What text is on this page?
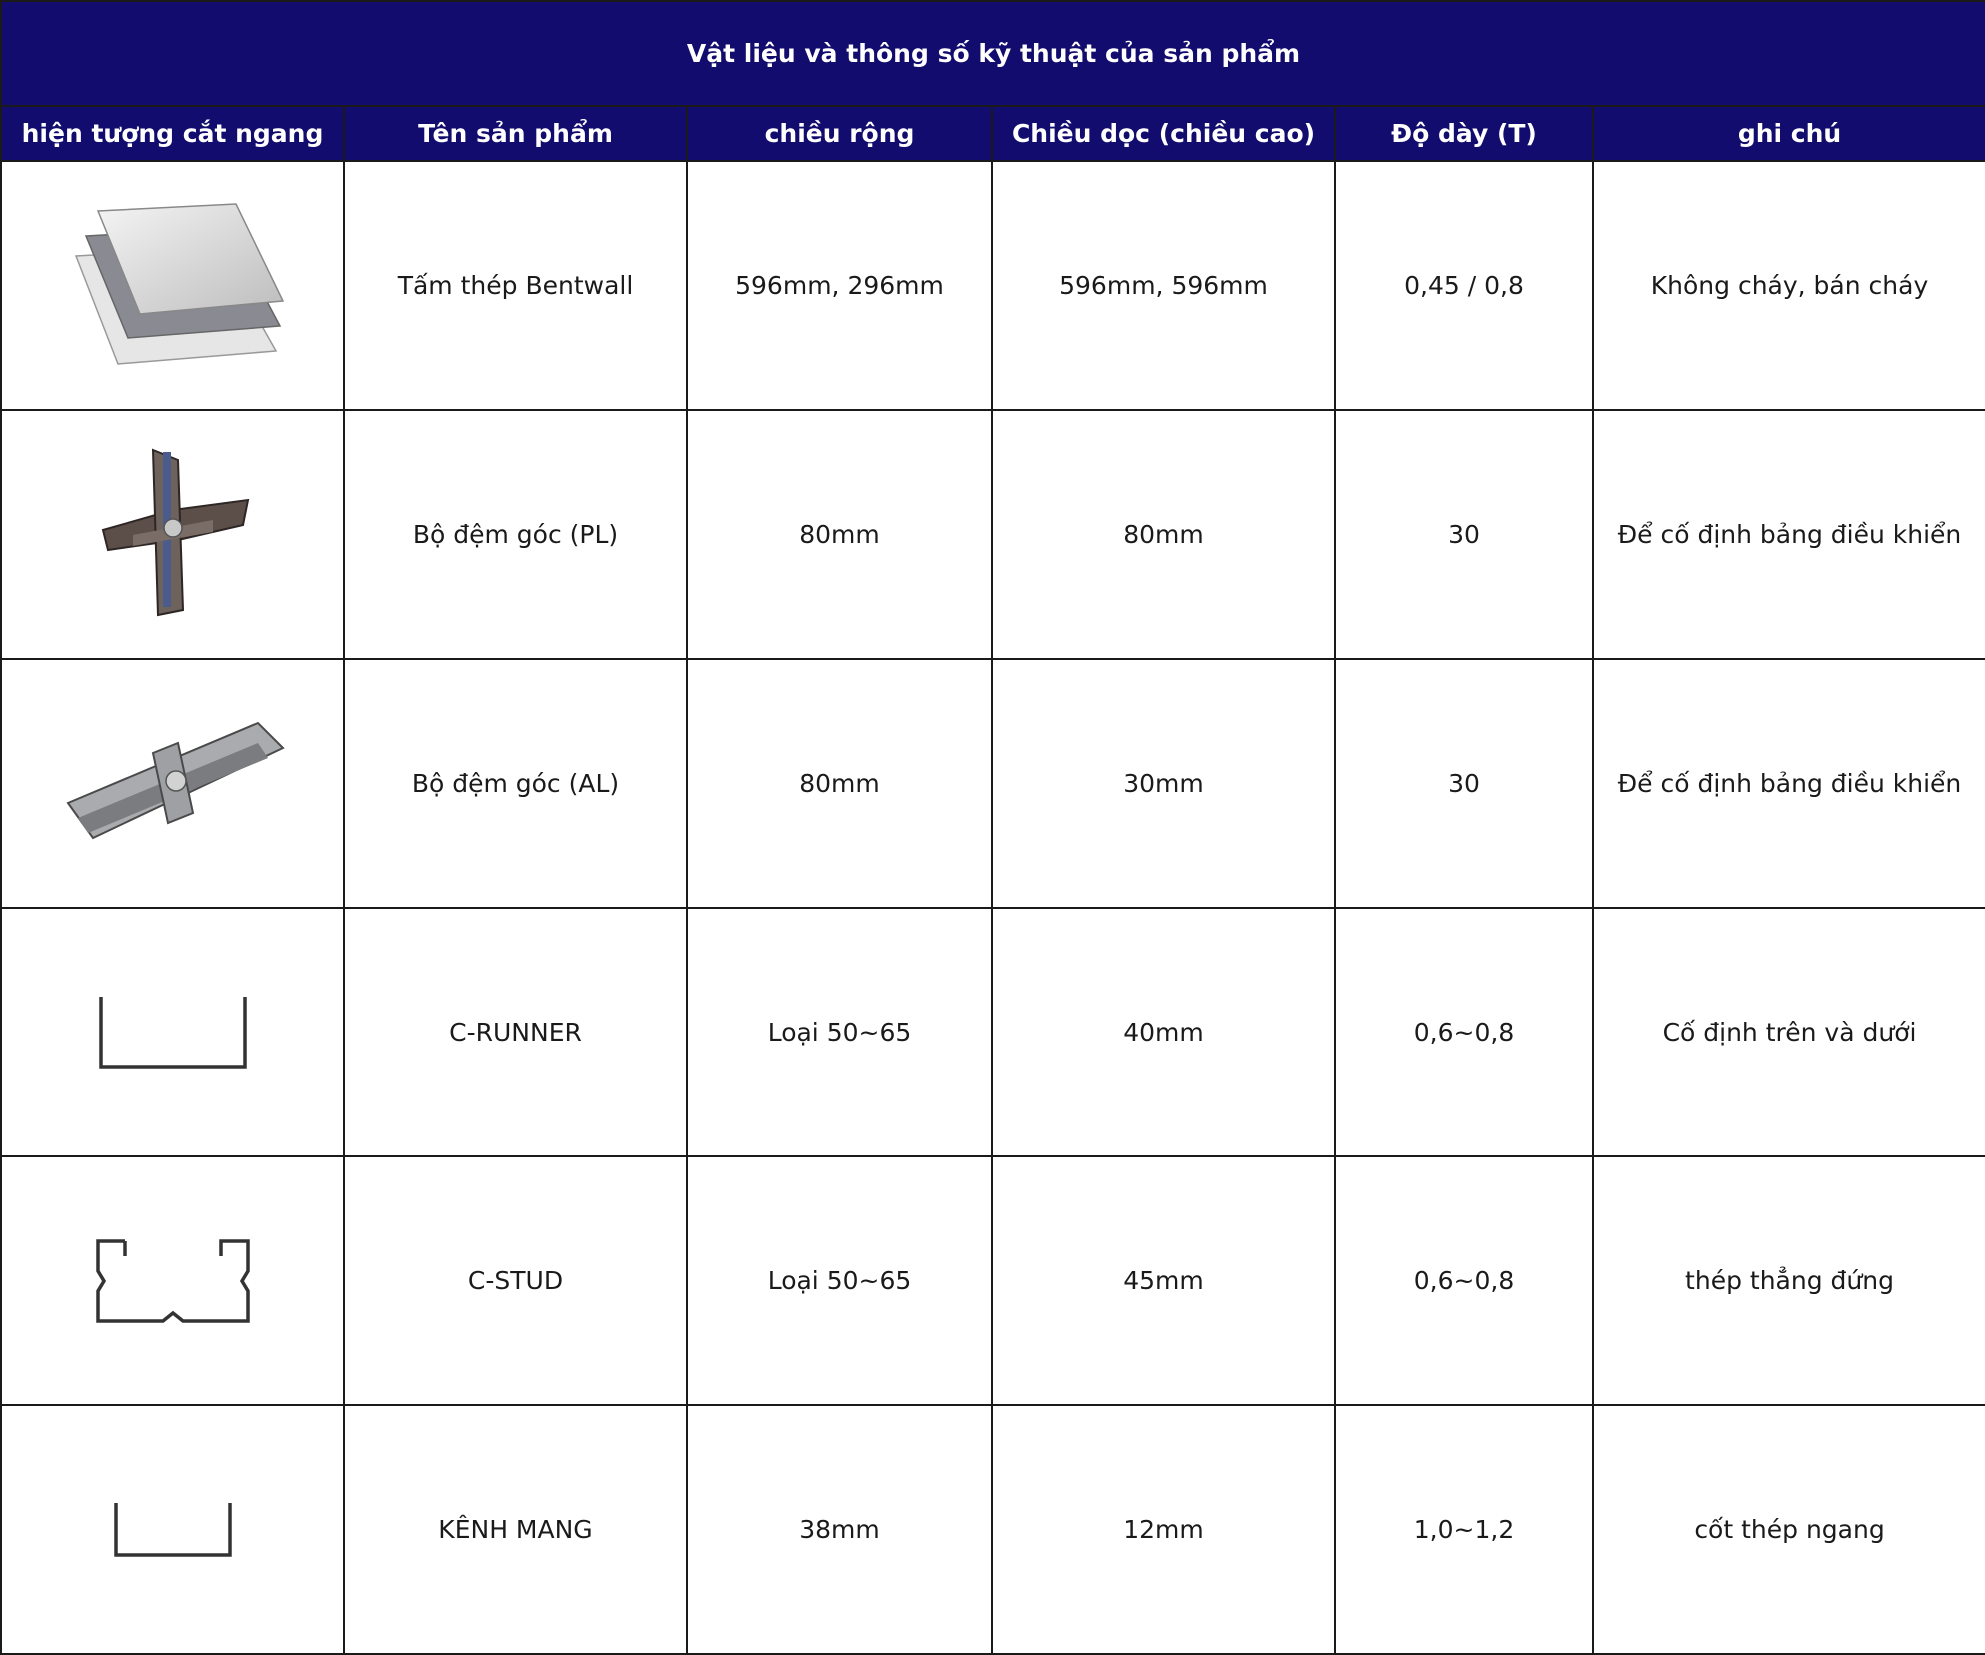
Vật liệu và thông số kỹ thuật của sản phẩm					
hiện tượng cắt ngang	Tên sản phẩm	chiều rộng	Chiều dọc (chiều cao)	Độ dày (T)	ghi chú

	Tấm thép Bentwall	596mm, 296mm	596mm, 596mm	0,45 / 0,8	Không cháy, bán cháy

	Bộ đệm góc (PL)	80mm	80mm	30	Để cố định bảng điều khiển

	Bộ đệm góc (AL)	80mm	30mm	30	Để cố định bảng điều khiển

	C-RUNNER	Loại 50~65	40mm	0,6~0,8	Cố định trên và dưới

	C-STUD	Loại 50~65	45mm	0,6~0,8	thép thẳng đứng

	KÊNH MANG	38mm	12mm	1,0~1,2	cốt thép ngang
